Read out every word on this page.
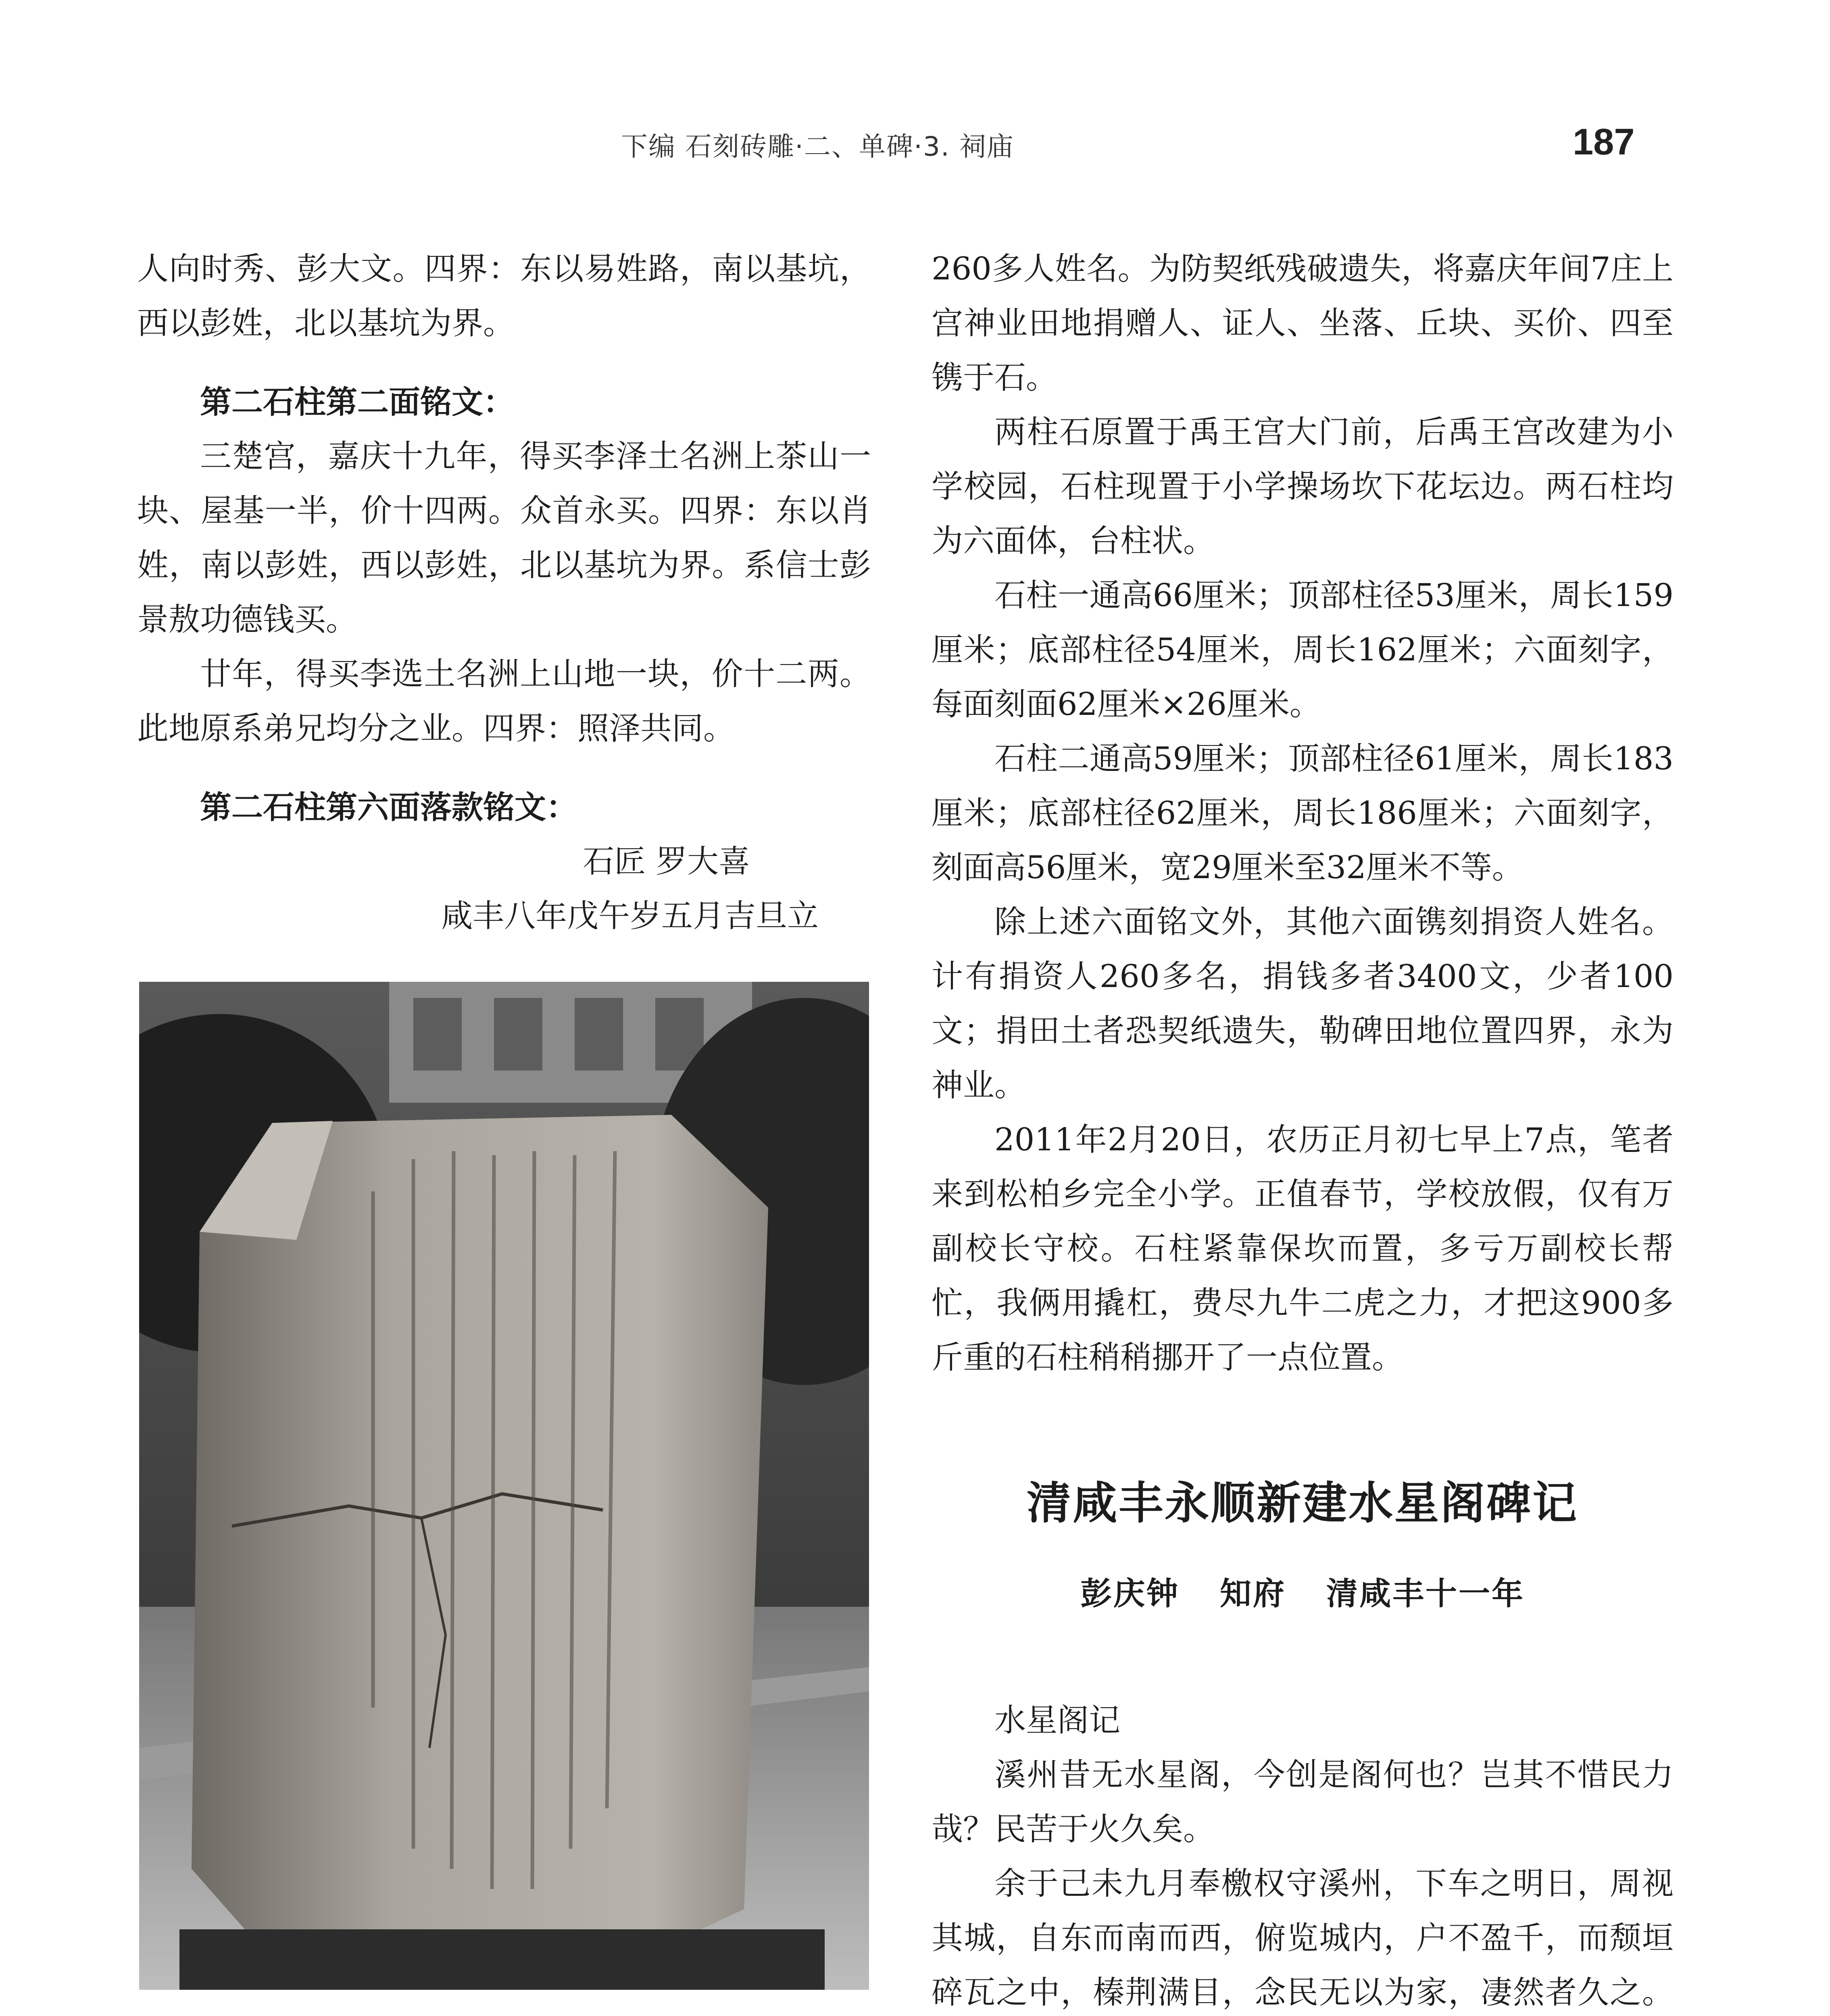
下编 石刻砖雕·二、单碑·3. 祠庙	187

人向时秀、彭大文。四界：东以易姓路，南以基坑，西以彭姓，北以基坑为界。

第二石柱第二面铭文：

三楚宫，嘉庆十九年，得买李泽土名洲上茶山一块、屋基一半，价十四两。众首永买。四界：东以肖姓，南以彭姓，西以彭姓，北以基坑为界。系信士彭景敖功德钱买。

廿年，得买李选土名洲上山地一块，价十二两。此地原系弟兄均分之业。四界：照泽共同。

第二石柱第六面落款铭文：

石匠 罗大喜

咸丰八年戊午岁五月吉旦立

260多人姓名。为防契纸残破遗失，将嘉庆年间7庄上宫神业田地捐赠人、证人、坐落、丘块、买价、四至镌于石。

两柱石原置于禹王宫大门前，后禹王宫改建为小学校园，石柱现置于小学操场坎下花坛边。两石柱均为六面体，台柱状。

石柱一通高66厘米；顶部柱径53厘米，周长159厘米；底部柱径54厘米，周长162厘米；六面刻字，每面刻面62厘米×26厘米。

石柱二通高59厘米；顶部柱径61厘米，周长183厘米；底部柱径62厘米，周长186厘米；六面刻字，刻面高56厘米，宽29厘米至32厘米不等。

除上述六面铭文外，其他六面镌刻捐资人姓名。计有捐资人260多名，捐钱多者3400文，少者100文；捐田土者恐契纸遗失，勒碑田地位置四界，永为神业。

2011年2月20日，农历正月初七早上7点，笔者来到松柏乡完全小学。正值春节，学校放假，仅有万副校长守校。石柱紧靠保坎而置，多亏万副校长帮忙，我俩用撬杠，费尽九牛二虎之力，才把这900多斤重的石柱稍稍挪开了一点位置。

清咸丰永顺新建水星阁碑记
彭庆钟 知府 清咸丰十一年

水星阁记

溪州昔无水星阁，今创是阁何也？岂其不惜民力哉？民苦于火久矣。

余于己未九月奉檄权守溪州，下车之明日，周视其城，自东而南而西，俯览城内，户不盈千，而颓垣碎瓦之中，榛荆满目，念民无以为家，凄然者久之。
